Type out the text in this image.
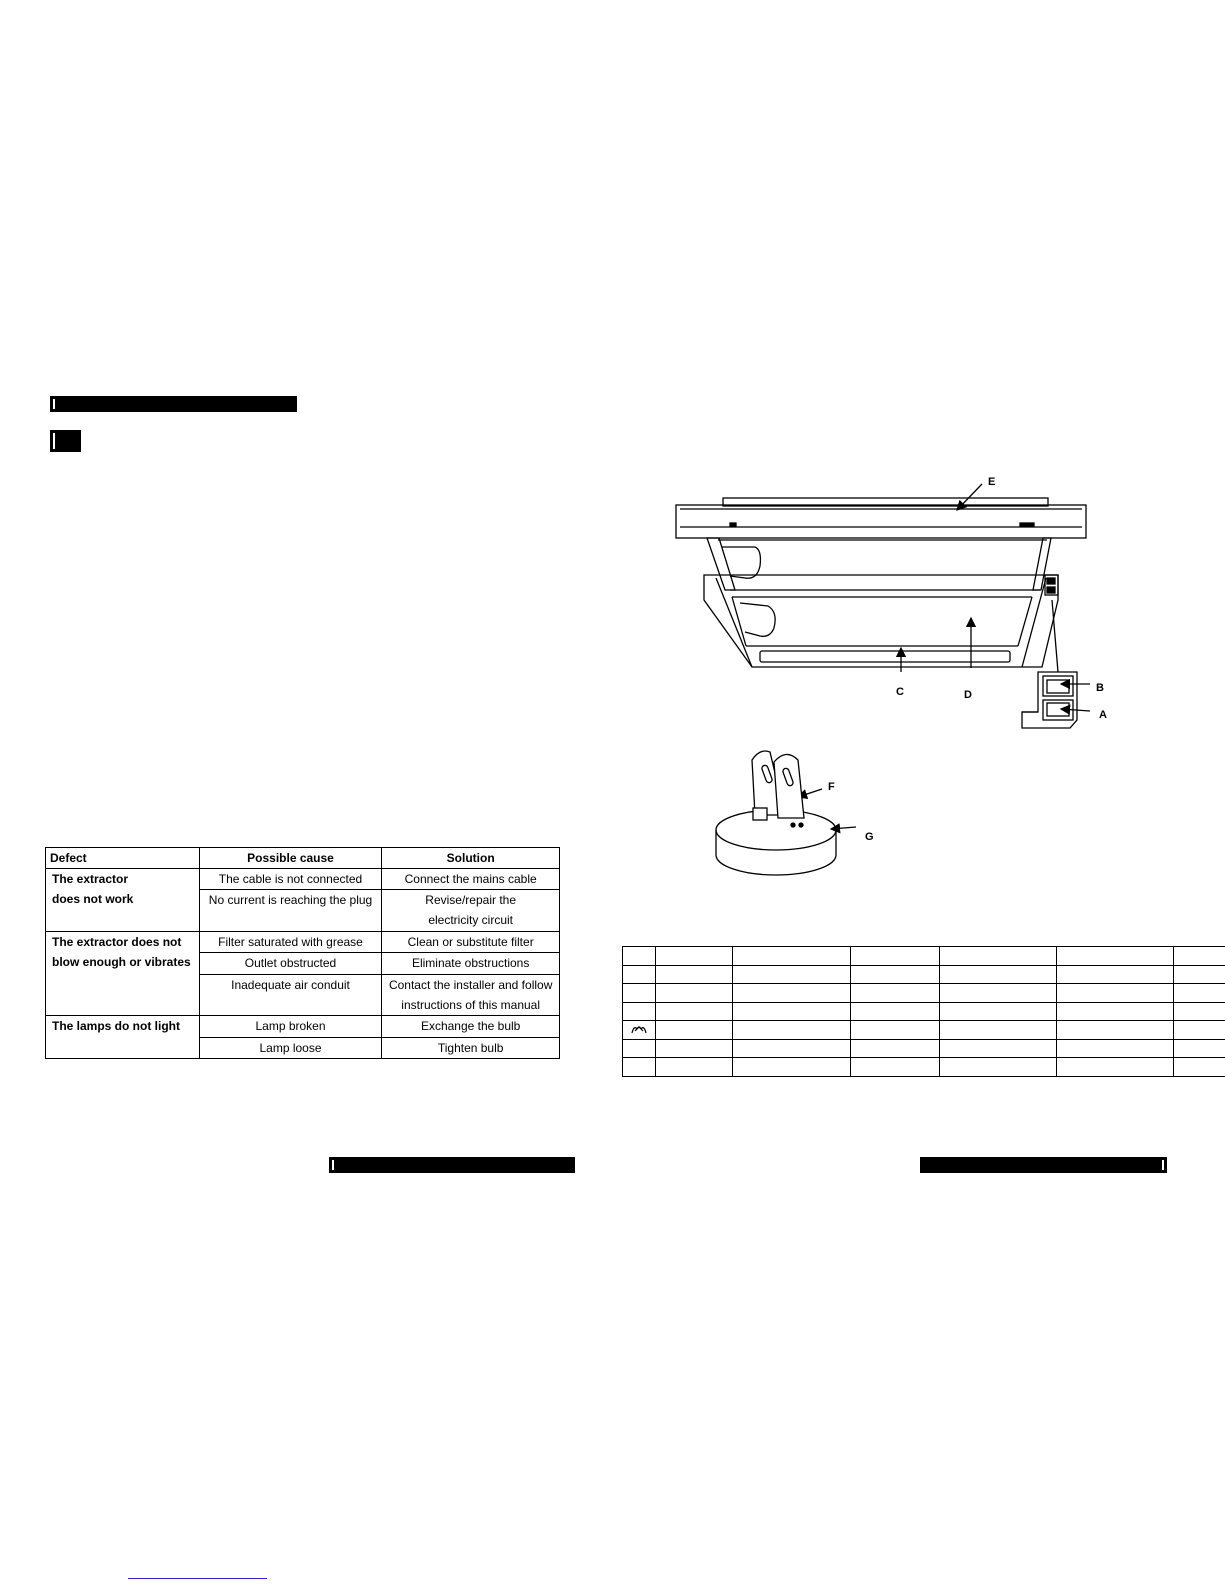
Defect	Possible cause	Solution

The extractor
does not work	The cable is not connected	Connect the mains cable
	No current is reaching the plug	Revise/repair the
electricity circuit

The extractor does not
blow enough or vibrates	Filter saturated with grease	Clean or substitute filter
	Outlet obstructed	Eliminate obstructions
	Inadequate air conduit	Contact the installer and follow
instructions of this manual

The lamps do not light	Lamp broken	Exchange the bulb
	Lamp loose	Tighten bulb
E
C	D
B
A
F
G
